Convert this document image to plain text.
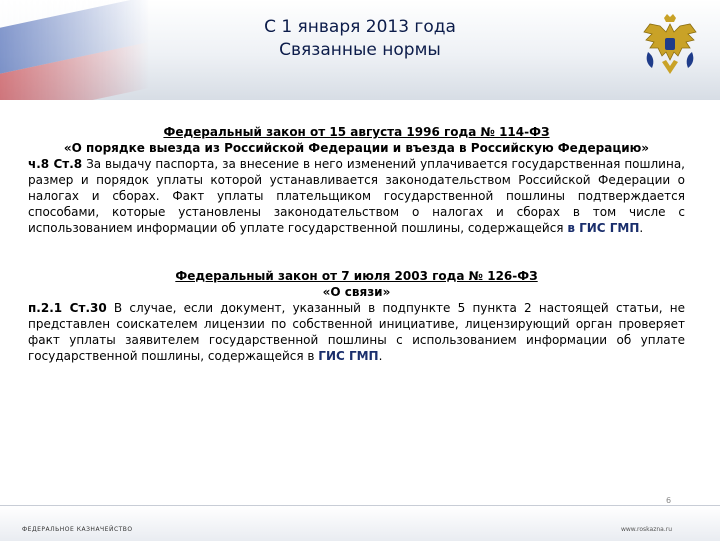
С 1 января 2013 года
Связанные нормы
Федеральный закон от 15 августа 1996 года № 114-ФЗ
«О порядке выезда из Российской Федерации и въезда в Российскую Федерацию»
ч.8 Ст.8 За выдачу паспорта, за внесение в него изменений уплачивается государственная пошлина, размер и порядок уплаты которой устанавливается законодательством Российской Федерации о налогах и сборах. Факт уплаты плательщиком государственной пошлины подтверждается способами, которые установлены законодательством о налогах и сборах в том числе с использованием информации об уплате государственной пошлины, содержащейся в ГИС ГМП.
Федеральный закон от 7 июля 2003 года № 126-ФЗ
«О связи»
п.2.1 Ст.30 В случае, если документ, указанный в подпункте 5 пункта 2 настоящей статьи, не представлен соискателем лицензии по собственной инициативе, лицензирующий орган проверяет факт уплаты заявителем государственной пошлины с использованием информации об уплате государственной пошлины, содержащейся в ГИС ГМП.
6
ФЕДЕРАЛЬНОЕ КАЗНАЧЕЙСТВО	www.roskazna.ru
